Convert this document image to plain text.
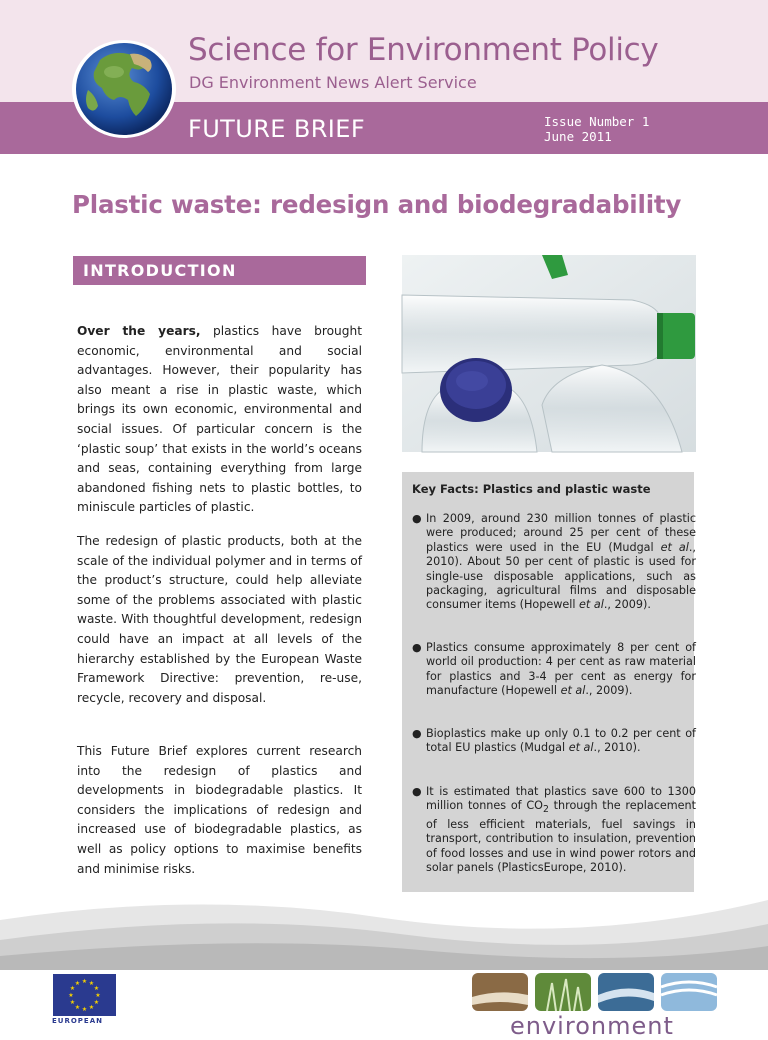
Science for Environment Policy
DG Environment News Alert Service
FUTURE BRIEF	Issue Number 1
June 2011
Plastic waste: redesign and biodegradability
INTRODUCTION
Over the years, plastics have brought economic, environmental and social advantages. However, their popularity has also meant a rise in plastic waste, which brings its own economic, environmental and social issues. Of particular concern is the ‘plastic soup’ that exists in the world’s oceans and seas, containing everything from large abandoned fishing nets to plastic bottles, to miniscule particles of plastic.
The redesign of plastic products, both at the scale of the individual polymer and in terms of the product’s structure, could help alleviate some of the problems associated with plastic waste. With thoughtful development, redesign could have an impact at all levels of the hierarchy established by the European Waste Framework Directive: prevention, re-use, recycle, recovery and disposal.
This Future Brief explores current research into the redesign of plastics and developments in biodegradable plastics. It considers the implications of redesign and increased use of biodegradable plastics, as well as policy options to maximise benefits and minimise risks.
Key Facts: Plastics and plastic waste
● In 2009, around 230 million tonnes of plastic were produced; around 25 per cent of these plastics were used in the EU (Mudgal et al., 2010). About 50 per cent of plastic is used for single-use disposable applications, such as packaging, agricultural films and disposable consumer items (Hopewell et al., 2009).
● Plastics consume approximately 8 per cent of world oil production: 4 per cent as raw material for plastics and 3-4 per cent as energy for manufacture (Hopewell et al., 2009).
● Bioplastics make up only 0.1 to 0.2 per cent of total EU plastics (Mudgal et al., 2010).
● It is estimated that plastics save 600 to 1300 million tonnes of $CO_2$ through the replacement of less efficient materials, fuel savings in transport, contribution to insulation, prevention of food losses and use in wind power rotors and solar panels (PlasticsEurope, 2010).
★ ★
★
★
★
★
★
★
★
★
★
★
EUROPEAN	environment
